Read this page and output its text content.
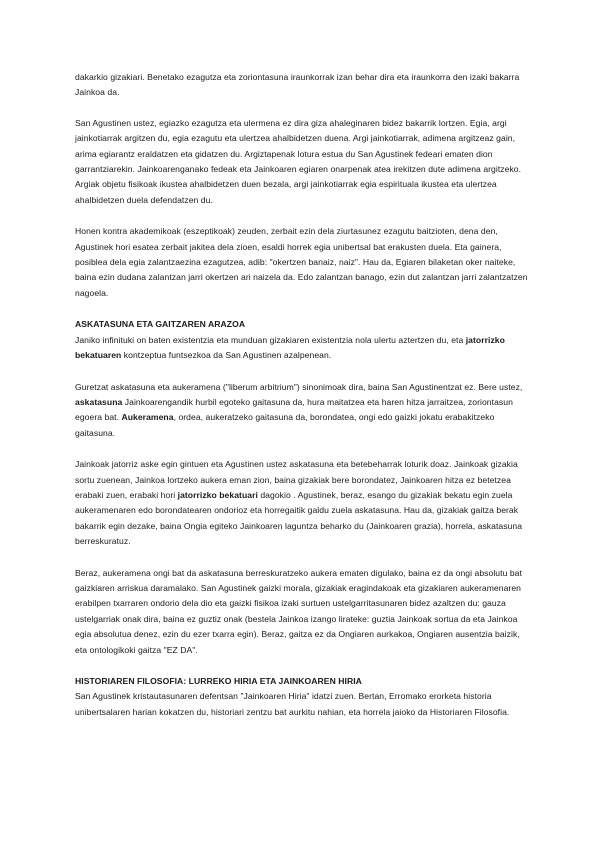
dakarkio gizakiari. Benetako ezagutza eta zoriontasuna iraunkorrak izan behar dira eta iraunkorra den izaki bakarra Jainkoa da.

San Agustinen ustez, egiazko ezagutza eta ulermena ez dira giza ahaleginaren bidez bakarrik lortzen. Egia, argi jainkotiarrak argitzen du, egia ezagutu eta ulertzea ahalbidetzen duena. Argi jainkotiarrak, adimena argitzeaz gain, arima egiarantz eraldatzen eta gidatzen du. Argiztapenak lotura estua du San Agustinek fedeari ematen dion garrantziarekin. Jainkoarenganako fedeak eta Jainkoaren egiaren onarpenak atea irekitzen dute adimena argitzeko. Argiak objetu fisikoak ikustea ahalbidetzen duen bezala, argi jainkotiarrak egia espirituala ikustea eta ulertzea ahalbidetzen duela defendatzen du.

Honen kontra akademikoak (eszeptikoak) zeuden, zerbait ezin dela ziurtasunez ezagutu baitzioten, dena den, Agustinek hori esatea zerbait jakitea dela zioen, esaldi horrek egia unibertsal bat erakusten duela. Eta gainera, posiblea dela egia zalantzaezina ezagutzea, adib: "okertzen banaiz, naiz". Hau da, Egiaren bilaketan oker naiteke, baina ezin dudana zalantzan jarri okertzen ari naizela da. Edo zalantzan banago, ezin dut zalantzan jarri zalantzatzen nagoela.

ASKATASUNA ETA GAITZAREN ARAZOA

Janiko infinituki on baten existentzia eta munduan gizakiaren existentzia nola ulertu aztertzen du, eta jatorrizko bekatuaren kontzeptua funtsezkoa da San Agustinen azalpenean.

Guretzat askatasuna eta aukeramena ("liberum arbitrium") sinonimoak dira, baina San Agustinentzat ez. Bere ustez, askatasuna Jainkoarengandik hurbil egoteko gaitasuna da, hura maitatzea eta haren hitza jarraitzea, zoriontasun egoera bat. Aukeramena, ordea, aukeratzeko gaitasuna da, borondatea, ongi edo gaizki jokatu erabakitzeko gaitasuna.

Jainkoak jatorriz aske egin gintuen eta Agustinen ustez askatasuna eta betebeharrak loturik doaz. Jainkoak gizakia sortu zuenean, Jainkoa lortzeko aukera eman zion, baina gizakiak bere borondatez, Jainkoaren hitza ez betetzea erabaki zuen, erabaki hori jatorrizko bekatuari dagokio . Agustinek, beraz, esango du gizakiak bekatu egin zuela aukeramenaren edo borondatearen ondorioz eta horregaitik galdu zuela askatasuna. Hau da, gizakiak gaitza berak bakarrik egin dezake, baina Ongia egiteko Jainkoaren laguntza beharko du (Jainkoaren grazia), horrela, askatasuna berreskuratuz.

Beraz, aukeramena ongi bat da askatasuna berreskuratzeko aukera ematen digulako, baina ez da ongi absolutu bat gaizkiaren arriskua daramalako. San Agustinek gaizki morala, gizakiak eragindakoak eta gizakiaren aukeramenaren erabilpen txarraren ondorio dela dio eta gaizki fisikoa izaki surtuen ustelgarritasunaren bidez azaltzen du: gauza ustelgarriak onak dira, baina ez guztiz onak (bestela Jainkoa izango lirateke: guztia Jainkoak sortua da eta Jainkoa egia absolutua denez, ezin du ezer txarra egin). Beraz, gaitza ez da Ongiaren aurkakoa, Ongiaren ausentzia baizik, eta ontologikoki gaitza "EZ DA".

HISTORIAREN FILOSOFIA: LURREKO HIRIA ETA JAINKOAREN HIRIA

San Agustinek kristautasunaren defentsan "Jainkoaren Hiria" idatzi zuen. Bertan, Erromako erorketa historia unibertsalaren harian kokatzen du, historiari zentzu bat aurkitu nahian, eta horrela jaioko da Historiaren Filosofia.
